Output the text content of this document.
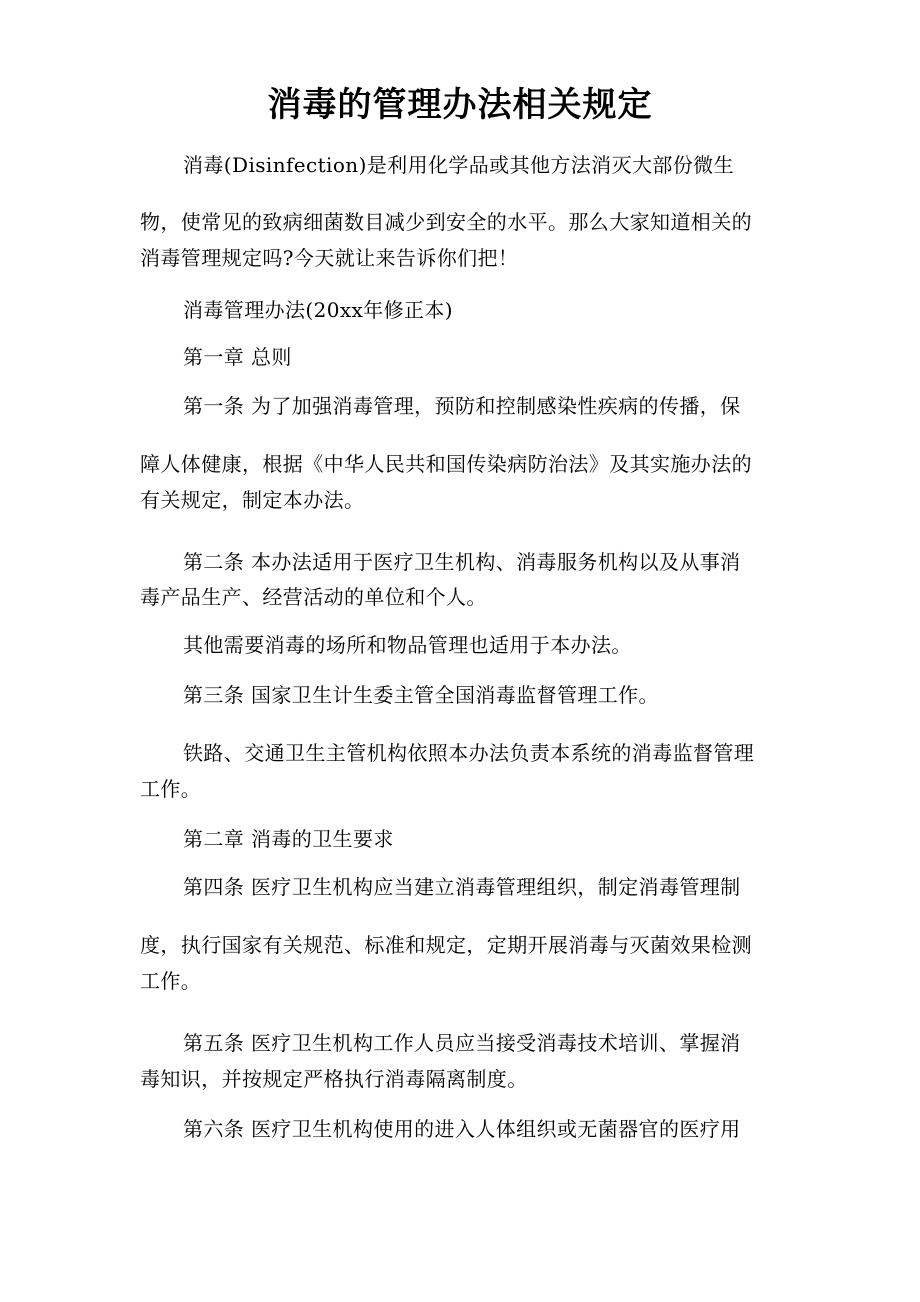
消毒的管理办法相关规定
消毒(Disinfection)是利用化学品或其他方法消灭大部份微生
物，使常见的致病细菌数目减少到安全的水平。那么大家知道相关的
消毒管理规定吗?今天就让来告诉你们把！
消毒管理办法(20xx年修正本)
第一章 总则
第一条 为了加强消毒管理，预防和控制感染性疾病的传播，保
障人体健康，根据《中华人民共和国传染病防治法》及其实施办法的
有关规定，制定本办法。
第二条 本办法适用于医疗卫生机构、消毒服务机构以及从事消
毒产品生产、经营活动的单位和个人。
其他需要消毒的场所和物品管理也适用于本办法。
第三条 国家卫生计生委主管全国消毒监督管理工作。
铁路、交通卫生主管机构依照本办法负责本系统的消毒监督管理
工作。
第二章 消毒的卫生要求
第四条 医疗卫生机构应当建立消毒管理组织，制定消毒管理制
度，执行国家有关规范、标准和规定，定期开展消毒与灭菌效果检测
工作。
第五条 医疗卫生机构工作人员应当接受消毒技术培训、掌握消
毒知识，并按规定严格执行消毒隔离制度。
第六条 医疗卫生机构使用的进入人体组织或无菌器官的医疗用
